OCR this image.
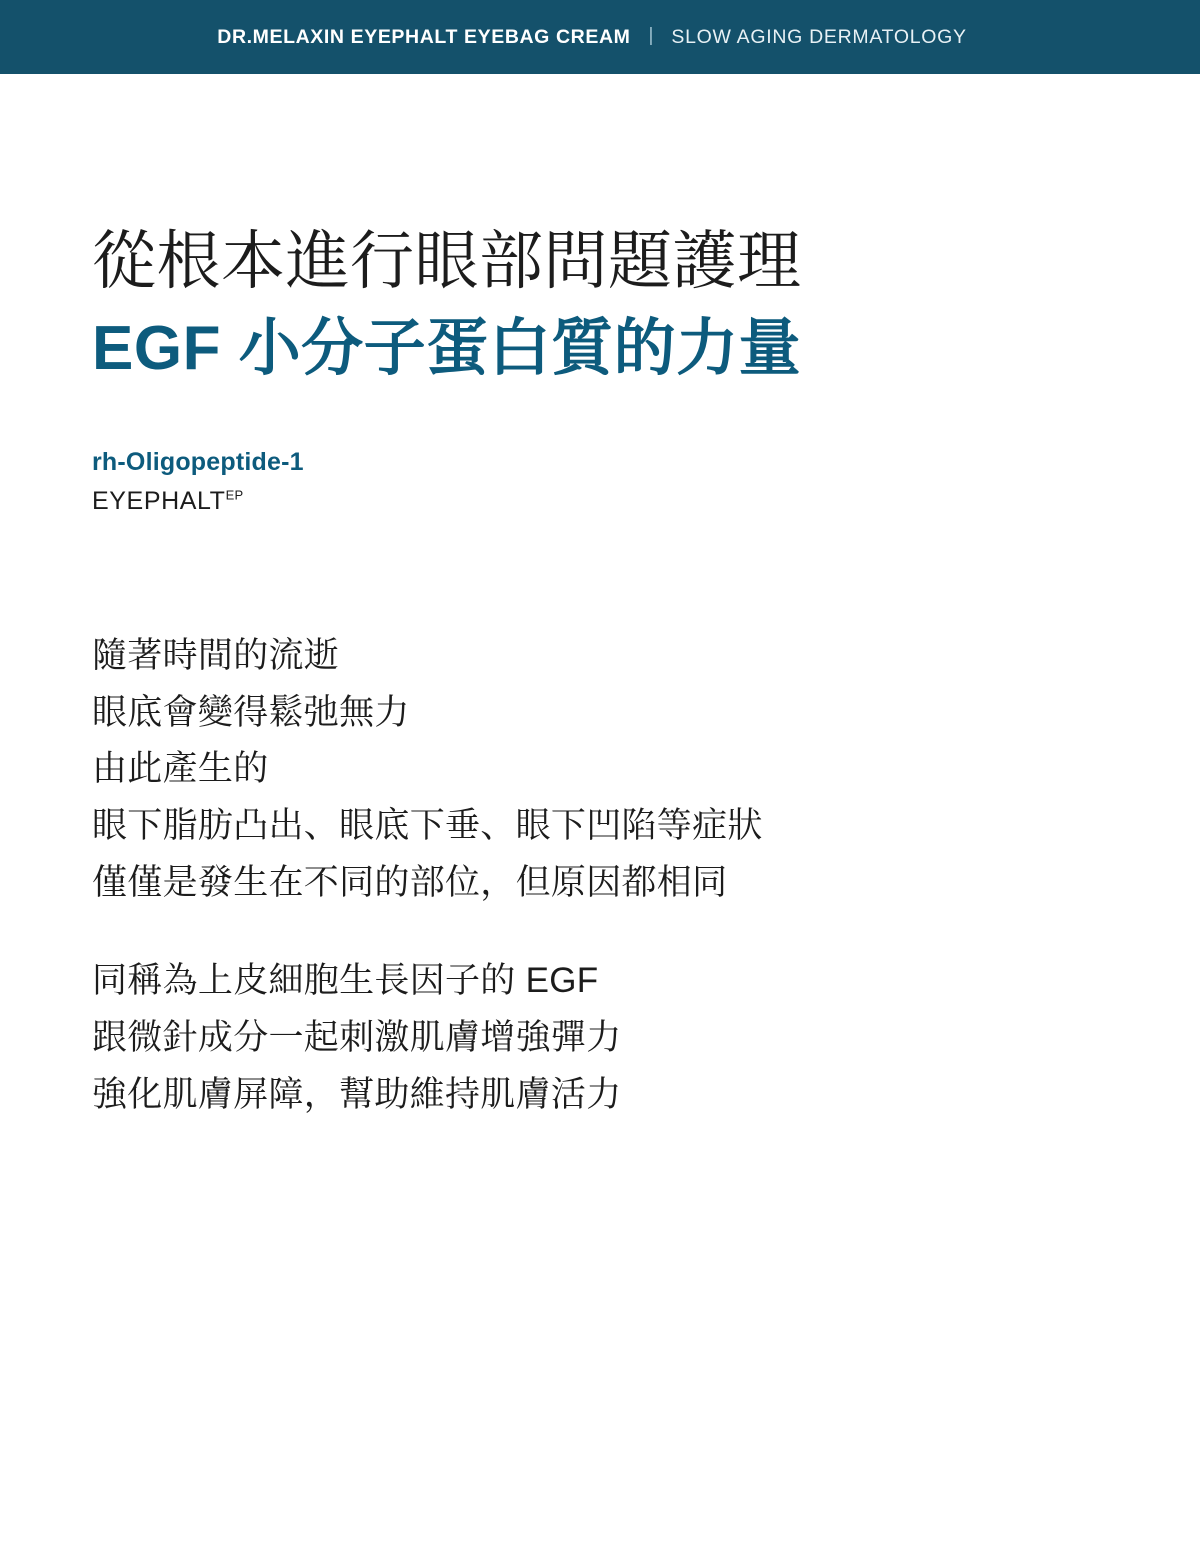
DR.MELAXIN EYEPHALT EYEBAG CREAM | SLOW AGING DERMATOLOGY
從根本進行眼部問題護理
EGF 小分子蛋白質的力量
rh-Oligopeptide-1
$EYEPHALT^{EP}$
隨著時間的流逝
眼底會變得鬆弛無力
由此產生的
眼下脂肪凸出、眼底下垂、眼下凹陷等症狀
僅僅是發生在不同的部位，但原因都相同
同稱為上皮細胞生長因子的 EGF
跟微針成分一起刺激肌膚增強彈力
強化肌膚屏障，幫助維持肌膚活力
